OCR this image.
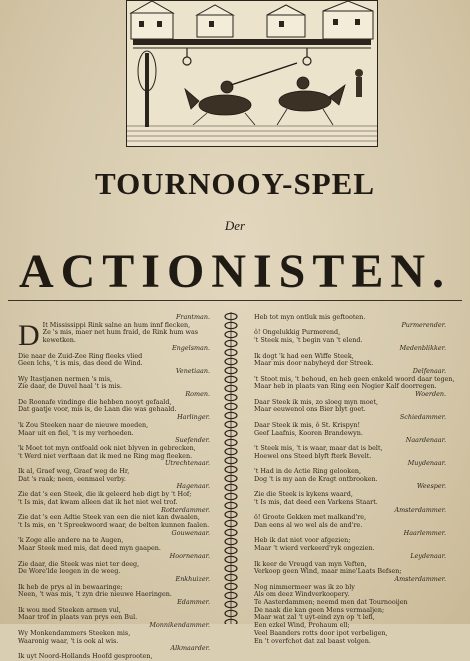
TOURNOOY-SPEL
Der
ACTIONISTEN.
Frantman.
D It Mississippi Rink salne an hum innf flecken,
Ze 's mis, maer net hum fraid, de Rink hum was
kewetken.
Engelsman.
Die naar de Zuid-Zee Ring fleeks vlied
Geen lchs, 't is mis, das deed de Wind.
Venetiaan.
Wy Itastjanen nermen 's mis,
Zie daar, de Duvel haal 't is mis.
Romen.
De Roonafe vindinge die hebben nooyt gefaald,
Dat gaatje voor, mis is, de Laan die was gehaald.
Harlinger.
'k Zou Steeken naar de nieuwe moeden,
Maar uit en fiel, 't is my verhoeden.
Suefender.
'k Moet tot myn ontfoald ook niet blyven in gebrecken,
't Werd niet verftaan dat ik med ne Ring mag fleeken.
Utrechtenaar.
Ik al, Graef weg, Graef weg de Hr,
Dat 's raak; neen, eenmael verby.
Hagenaar.
Zie dat 's een Steek, die ik geleerd heb digt by 't Hof;
't Is mis, dat kwam alleen dat ik het niet wel trof.
Rotterdammer.
Zie dat 's een Adtie Steek van een die niet kan dwaalen,
't Is mis, en 't Spreekwoord waar, de belten kunnen faalen.
Gouwenaar.
'k Zoge alle andere na te Augen,
Maar Steek med mis, dat deed myn gaapen.
Hoornenaar.
Zie daar, die Steek was niet ter deeg,
De Wore'lde leegen in de weeg.
Enkhuizer.
Ik heb de prys al in bewaaringe;
Neen, 't was mis, 't zyn drie nieuwe Haeringen.
Edammer.
Ik wou med Steeken armen vul,
Maar trof in plaats van prys een Bul.
Monnikendammer.
Wy Monkendammers Steeken mis,
Waaronig waar, 't is ook al wis.
Alkmaarder.
Ik uyt Noord-Hollands Hoofd gesprooten,
Heb tot myn ontluk mis geftooten.
Purmerender.
ô! Ongelukkig Purmerend,
't Steek mis, 't begin van 't elend.
Medenblikker.
Ik dogt 'k had een Wiffe Steek,
Maar mis door nabyheyd der Streek.
Delfenaar.
't Stoot mis, 't behoud, en heb geen enkeld woord daar tegen,
Maar heb in plaats van Ring een Nogier Kalf doorregen.
Woerden.
Daar Steek ik mis, zo sloeg myn moet,
Maar eeuwenol ons Bier blyt goet.
Schiedammer.
Daar Steek ik mis, ô St. Krispyn!
Geef Laafnis, Kooren Brandewyn.
Naardenaar.
't Steek mis, 't is waar, maar dat is belt,
Hoewel ons Steed blyft fterk Bevelt.
Muydenaar.
't Had in de Actie Ring gelooken,
Dog 't is my aan de Kragt ontbrooken.
Weesper.
Zie die Steek is kykens waard,
't Is mis, dat deed een Varkens Staart.
Amsterdammer.
ô! Groote Gekken met malkand're,
Dan eens al wo wel als de and're.
Haarlemmer.
Heb ik dat niet voor afgezien;
Maar 't wierd verkeerd'ryk ongezien.
Leydenaar.
Ik keer de Vreugd van myn Veften,
Verkoop geen Wind, maar mine'Laats Befsen;
Amsterdammer.
Nog nimmermeer was ik zo bly
Als om deez Windverkoopery.
Te Aasterdammen; neemd men dat Tournooijen
De naak die kan geen Mens vermaaljen;
Maar wat zal 't uyt-eind zyn op 't lefl,
Een ezkel Wind, Prohaum ell;
Veel Baanders rotts door ipot verbeligen,
En 't overfchot dat zal baast volgen.
